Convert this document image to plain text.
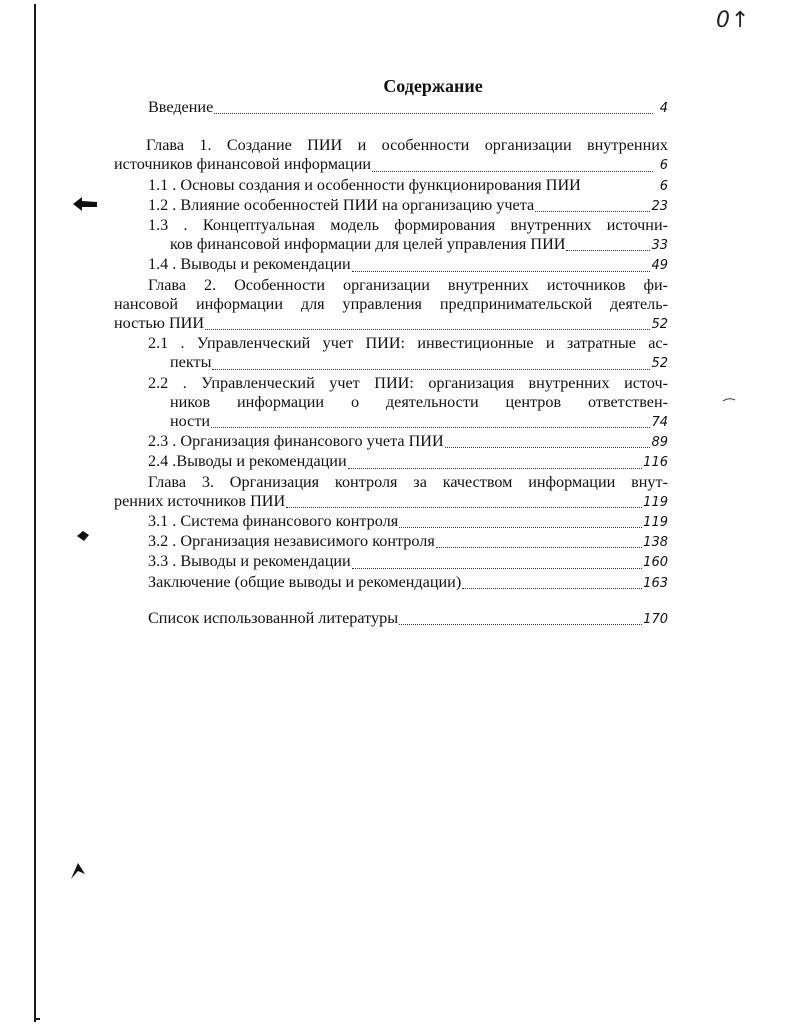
0↑
Содержание
Введение	4
Глава 1. Создание ПИИ и особенности организации внутренних
источников финансовой информации	6
1.1 . Основы создания и особенности функционирования ПИИ	6
1.2 . Влияние особенностей ПИИ на организацию учета	23
1.3 . Концептуальная модель формирования внутренних источни-
ков финансовой информации для целей управления ПИИ	33
1.4 . Выводы и рекомендации	49
Глава 2. Особенности организации внутренних источников фи-
нансовой информации для управления предпринимательской деятель-
ностью ПИИ	52
2.1 . Управленческий учет ПИИ: инвестиционные и затратные ас-
пекты	52
2.2 . Управленческий учет ПИИ: организация внутренних источ-
ников информации о деятельности центров ответствен-
ности	74
2.3 . Организация финансового учета ПИИ	89
2.4 .Выводы и рекомендации	116
Глава 3. Организация контроля за качеством информации внут-
ренних источников ПИИ	119
3.1 . Система финансового контроля	119
3.2 . Организация независимого контроля	138
3.3 . Выводы и рекомендации	160
Заключение (общие выводы и рекомендации)	163
Список использованной литературы	170
